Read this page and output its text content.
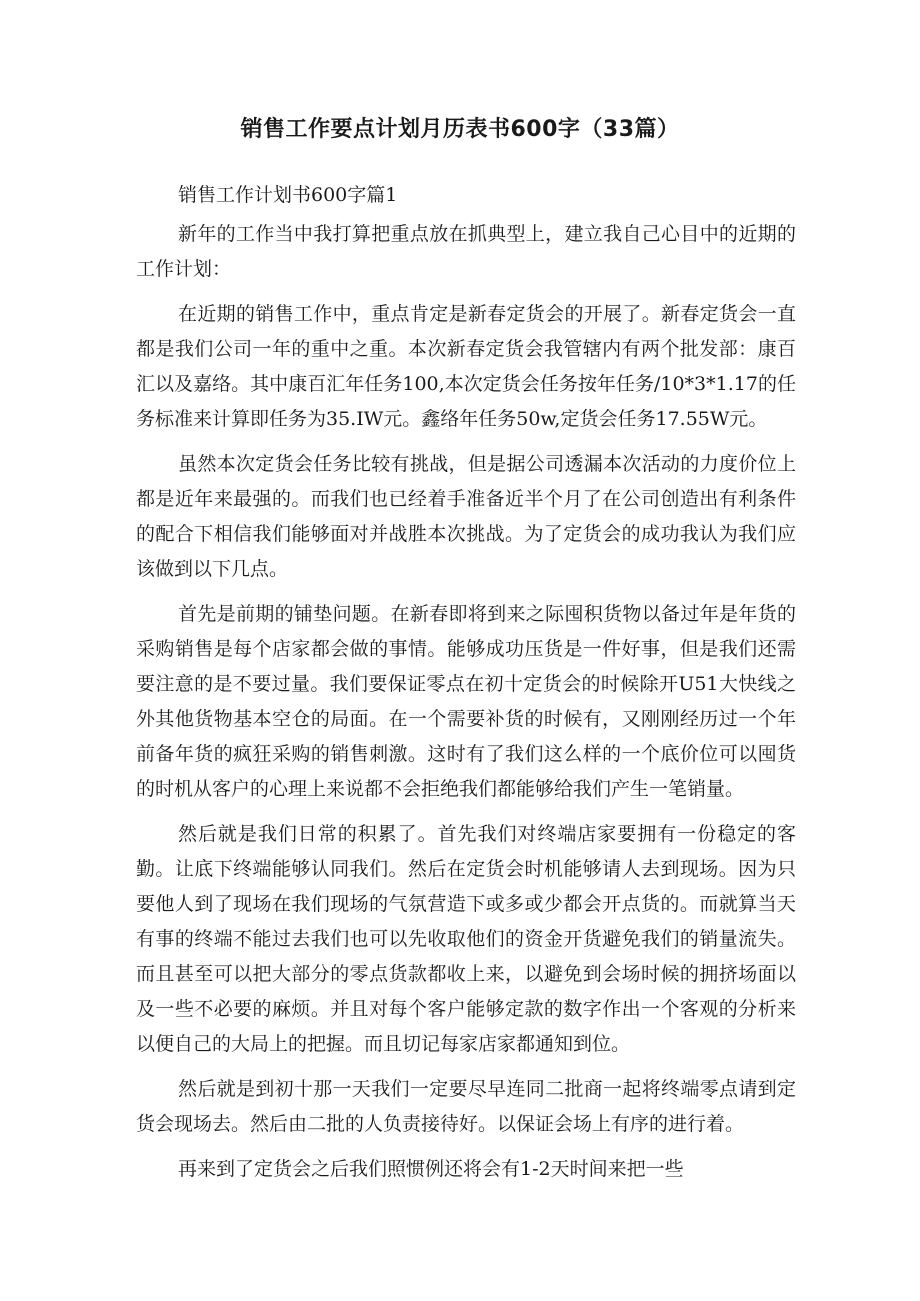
销售工作要点计划月历表书600字（33篇）

销售工作计划书600字篇1

新年的工作当中我打算把重点放在抓典型上，建立我自己心目中的近期的工作计划：

在近期的销售工作中，重点肯定是新春定货会的开展了。新春定货会一直都是我们公司一年的重中之重。本次新春定货会我管辖内有两个批发部：康百汇以及嘉络。其中康百汇年任务100,本次定货会任务按年任务/10*3*1.17的任务标准来计算即任务为35.IW元。鑫络年任务50w,定货会任务17.55W元。

虽然本次定货会任务比较有挑战，但是据公司透漏本次活动的力度价位上都是近年来最强的。而我们也已经着手准备近半个月了在公司创造出有利条件的配合下相信我们能够面对并战胜本次挑战。为了定货会的成功我认为我们应该做到以下几点。

首先是前期的铺垫问题。在新春即将到来之际囤积货物以备过年是年货的采购销售是每个店家都会做的事情。能够成功压货是一件好事，但是我们还需要注意的是不要过量。我们要保证零点在初十定货会的时候除开U51大快线之外其他货物基本空仓的局面。在一个需要补货的时候有，又刚刚经历过一个年前备年货的疯狂采购的销售刺激。这时有了我们这么样的一个底价位可以囤货的时机从客户的心理上来说都不会拒绝我们都能够给我们产生一笔销量。

然后就是我们日常的积累了。首先我们对终端店家要拥有一份稳定的客勤。让底下终端能够认同我们。然后在定货会时机能够请人去到现场。因为只要他人到了现场在我们现场的气氛营造下或多或少都会开点货的。而就算当天有事的终端不能过去我们也可以先收取他们的资金开货避免我们的销量流失。而且甚至可以把大部分的零点货款都收上来，以避免到会场时候的拥挤场面以及一些不必要的麻烦。并且对每个客户能够定款的数字作出一个客观的分析来以便自己的大局上的把握。而且切记每家店家都通知到位。

然后就是到初十那一天我们一定要尽早连同二批商一起将终端零点请到定货会现场去。然后由二批的人负责接待好。以保证会场上有序的进行着。

再来到了定货会之后我们照惯例还将会有1-2天时间来把一些
